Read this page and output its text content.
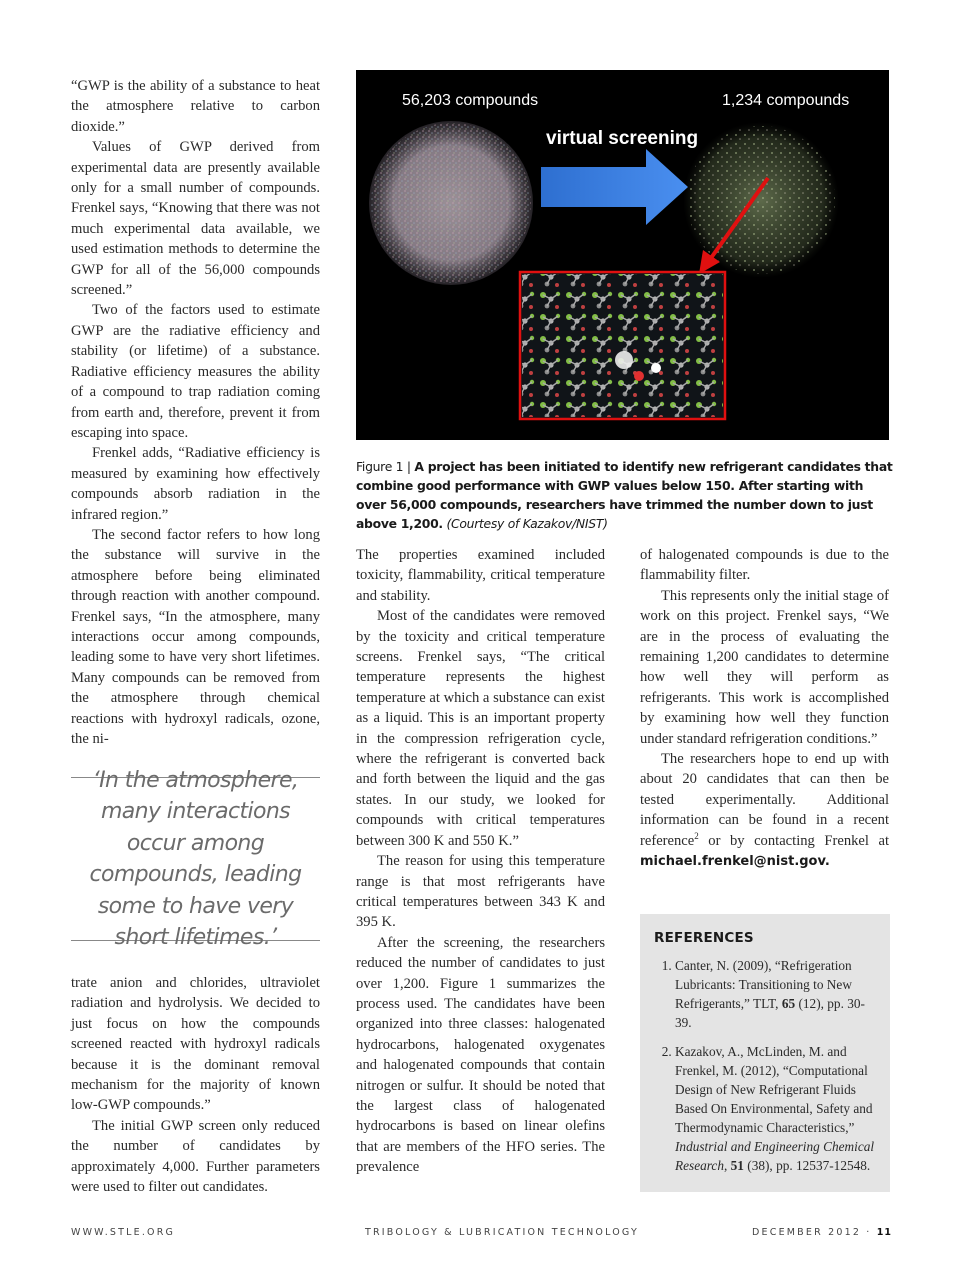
“GWP is the ability of a substance to heat the atmosphere relative to carbon dioxide.”

Values of GWP derived from experimental data are presently available only for a small number of compounds. Frenkel says, “Knowing that there was not much experimental data available, we used estimation methods to determine the GWP for all of the 56,000 compounds screened.”

Two of the factors used to estimate GWP are the radiative efficiency and stability (or lifetime) of a substance. Radiative efficiency measures the ability of a compound to trap radiation coming from earth and, therefore, prevent it from escaping into space.

Frenkel adds, “Radiative efficiency is measured by examining how effectively compounds absorb radiation in the infrared region.”

The second factor refers to how long the substance will survive in the atmosphere before being eliminated through reaction with another compound. Frenkel says, “In the atmosphere, many interactions occur among compounds, leading some to have very short lifetimes. Many compounds can be removed from the atmosphere through chemical reactions with hydroxyl radicals, ozone, the ni-

‘In the atmosphere, many interactions occur among compounds, leading some to have very short lifetimes.’

trate anion and chlorides, ultraviolet radiation and hydrolysis. We decided to just focus on how the compounds screened reacted with hydroxyl radicals because it is the dominant removal mechanism for the majority of known low-GWP compounds.”

The initial GWP screen only reduced the number of candidates by approximately 4,000. Further parameters were used to filter out candidates.

56,203 compounds	1,234 compounds
virtual screening
Figure 1 | A project has been initiated to identify new refrigerant candidates that combine good performance with GWP values below 150. After starting with over 56,000 compounds, researchers have trimmed the number down to just above 1,200. (Courtesy of Kazakov/NIST)

The properties examined included toxicity, flammability, critical temperature and stability.

Most of the candidates were removed by the toxicity and critical temperature screens. Frenkel says, “The critical temperature represents the highest temperature at which a substance can exist as a liquid. This is an important property in the compression refrigeration cycle, where the refrigerant is converted back and forth between the liquid and the gas states. In our study, we looked for compounds with critical temperatures between 300 K and 550 K.”

The reason for using this temperature range is that most refrigerants have critical temperatures between 343 K and 395 K.

After the screening, the researchers reduced the number of candidates to just over 1,200. Figure 1 summarizes the process used. The candidates have been organized into three classes: halogenated hydrocarbons, halogenated oxygenates and halogenated compounds that contain nitrogen or sulfur. It should be noted that the largest class of halogenated hydrocarbons is based on linear olefins that are members of the HFO series. The prevalence

of halogenated compounds is due to the flammability filter.

This represents only the initial stage of work on this project. Frenkel says, “We are in the process of evaluating the remaining 1,200 candidates to determine how well they will perform as refrigerants. This work is accomplished by examining how well they function under standard refrigeration conditions.”

The researchers hope to end up with about 20 candidates that can then be tested experimentally. Additional information can be found in a recent reference$^2$ or by contacting Frenkel at michael.frenkel@nist.gov.

REFERENCES
1. Canter, N. (2009), “Refrigeration Lubricants: Transitioning to New Refrigerants,” TLT, 65 (12), pp. 30-39.
2. Kazakov, A., McLinden, M. and Frenkel, M. (2012), “Computational Design of New Refrigerant Fluids Based On Environmental, Safety and Thermodynamic Characteristics,” Industrial and Engineering Chemical Research, 51 (38), pp. 12537-12548.
WWW.STLE.ORG	TRIBOLOGY & LUBRICATION TECHNOLOGY	DECEMBER 2012 · 11
